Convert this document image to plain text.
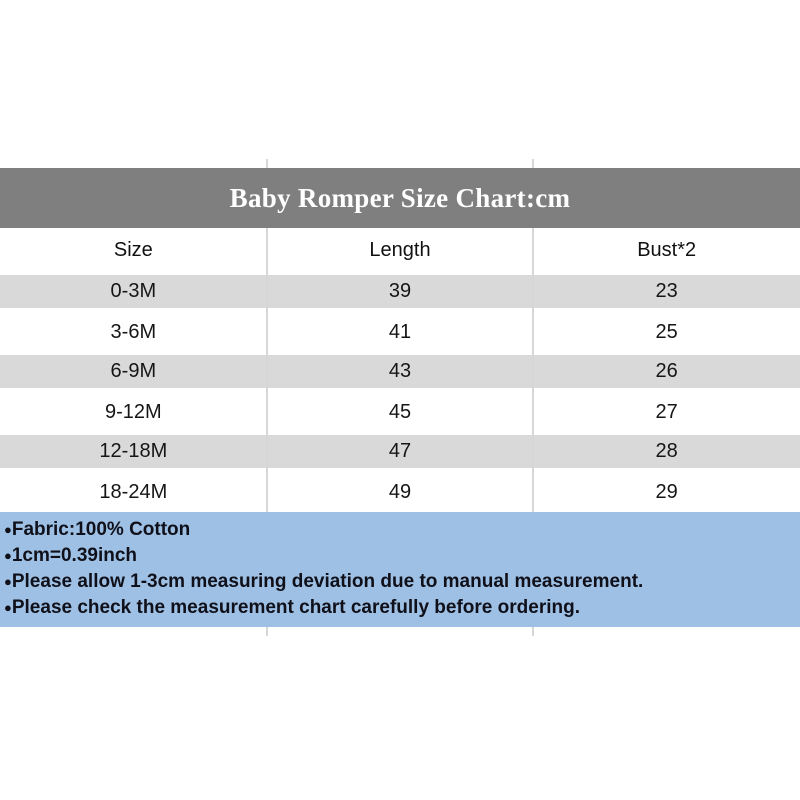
Baby Romper Size Chart:cm
Size	Length	Bust*2
0-3M	39	23
3-6M	41	25
6-9M	43	26
9-12M	45	27
12-18M	47	28
18-24M	49	29
●Fabric:100% Cotton
●1cm=0.39inch
●Please allow 1-3cm measuring deviation due to manual measurement.
●Please check the measurement chart carefully before ordering.
